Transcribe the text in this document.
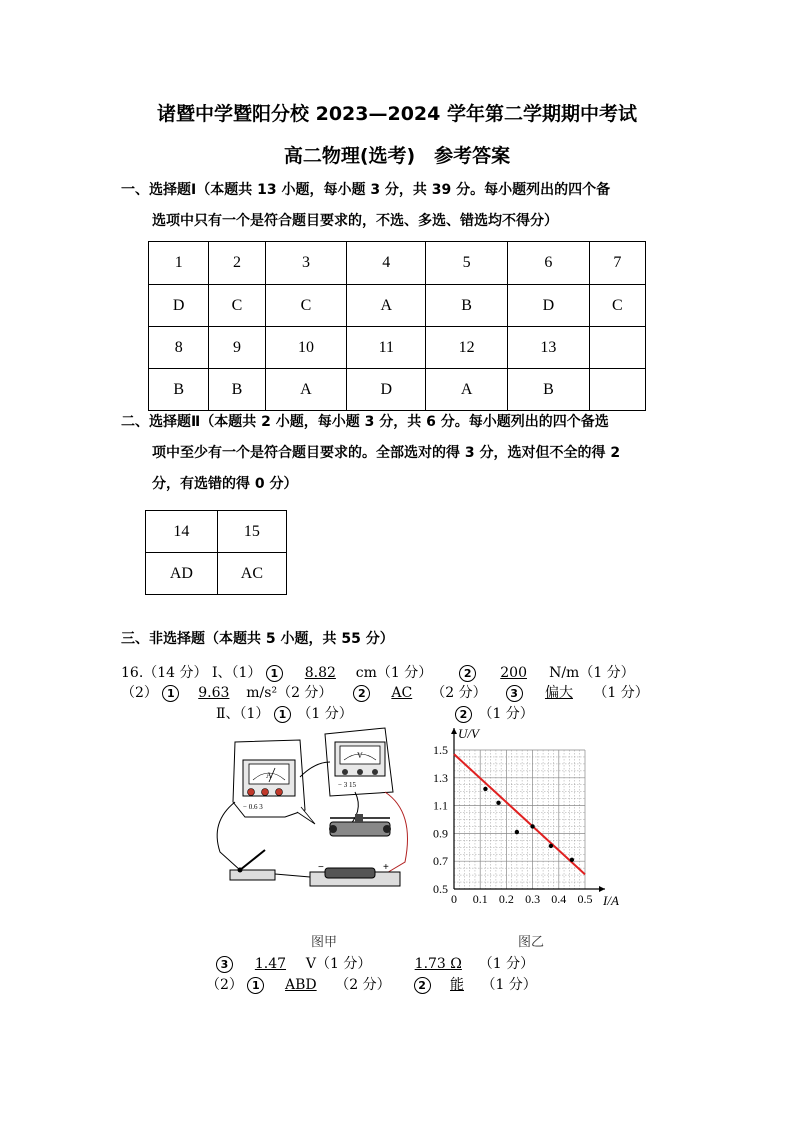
诸暨中学暨阳分校 2023—2024 学年第二学期期中考试
高二物理(选考)　参考答案
一、选择题Ⅰ（本题共 13 小题，每小题 3 分，共 39 分。每小题列出的四个备
选项中只有一个是符合题目要求的，不选、多选、错选均不得分）
1	2	3	4	5	6	7
D	C	C	A	B	D	C
8	9	10	11	12	13	
B	B	A	D	A	B	
二、选择题Ⅱ（本题共 2 小题，每小题 3 分，共 6 分。每小题列出的四个备选
项中至少有一个是符合题目要求的。全部选对的得 3 分，选对但不全的得 2
分，有选错的得 0 分）
14	15
AD	AC
三、非选择题（本题共 5 小题，共 55 分）
16.（14 分） Ⅰ、（1） 1 8.82 cm（1 分）	2 200 N/m（1 分）
（2） 1 9.63 m/s²（2 分） 2 AC （2 分） 3 偏大 （1 分）
Ⅱ、（1） 1 （1 分）	2 （1 分）
A
− 0.6 3
V
− 3 15
−	+
图甲
0 0.1 0.2 0.3 0.4 0.5
0.5
0.7
0.9
1.1
1.3
1.5
U/V
I/A
图乙
3 1.47 V（1 分）	1.73 Ω （1 分）
（2） 1 ABD （2 分）	2 能 （1 分）
